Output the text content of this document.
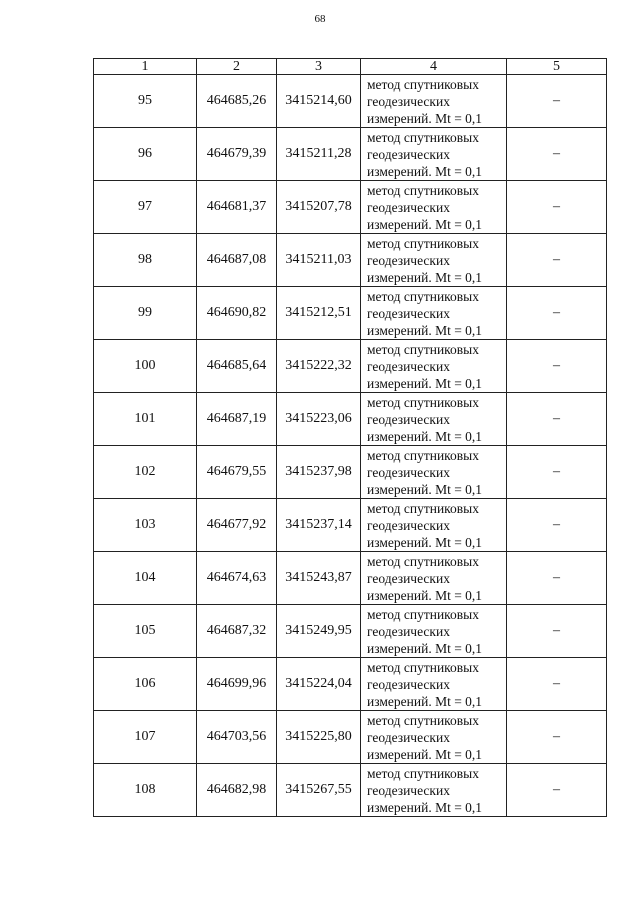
68
1	2	3	4	5
95	464685,26	3415214,60	метод спутниковых
геодезических
измерений. Mt = 0,1	–
96	464679,39	3415211,28	метод спутниковых
геодезических
измерений. Mt = 0,1	–
97	464681,37	3415207,78	метод спутниковых
геодезических
измерений. Mt = 0,1	–
98	464687,08	3415211,03	метод спутниковых
геодезических
измерений. Mt = 0,1	–
99	464690,82	3415212,51	метод спутниковых
геодезических
измерений. Mt = 0,1	–
100	464685,64	3415222,32	метод спутниковых
геодезических
измерений. Mt = 0,1	–
101	464687,19	3415223,06	метод спутниковых
геодезических
измерений. Mt = 0,1	–
102	464679,55	3415237,98	метод спутниковых
геодезических
измерений. Mt = 0,1	–
103	464677,92	3415237,14	метод спутниковых
геодезических
измерений. Mt = 0,1	–
104	464674,63	3415243,87	метод спутниковых
геодезических
измерений. Mt = 0,1	–
105	464687,32	3415249,95	метод спутниковых
геодезических
измерений. Mt = 0,1	–
106	464699,96	3415224,04	метод спутниковых
геодезических
измерений. Mt = 0,1	–
107	464703,56	3415225,80	метод спутниковых
геодезических
измерений. Mt = 0,1	–
108	464682,98	3415267,55	метод спутниковых
геодезических
измерений. Mt = 0,1	–
